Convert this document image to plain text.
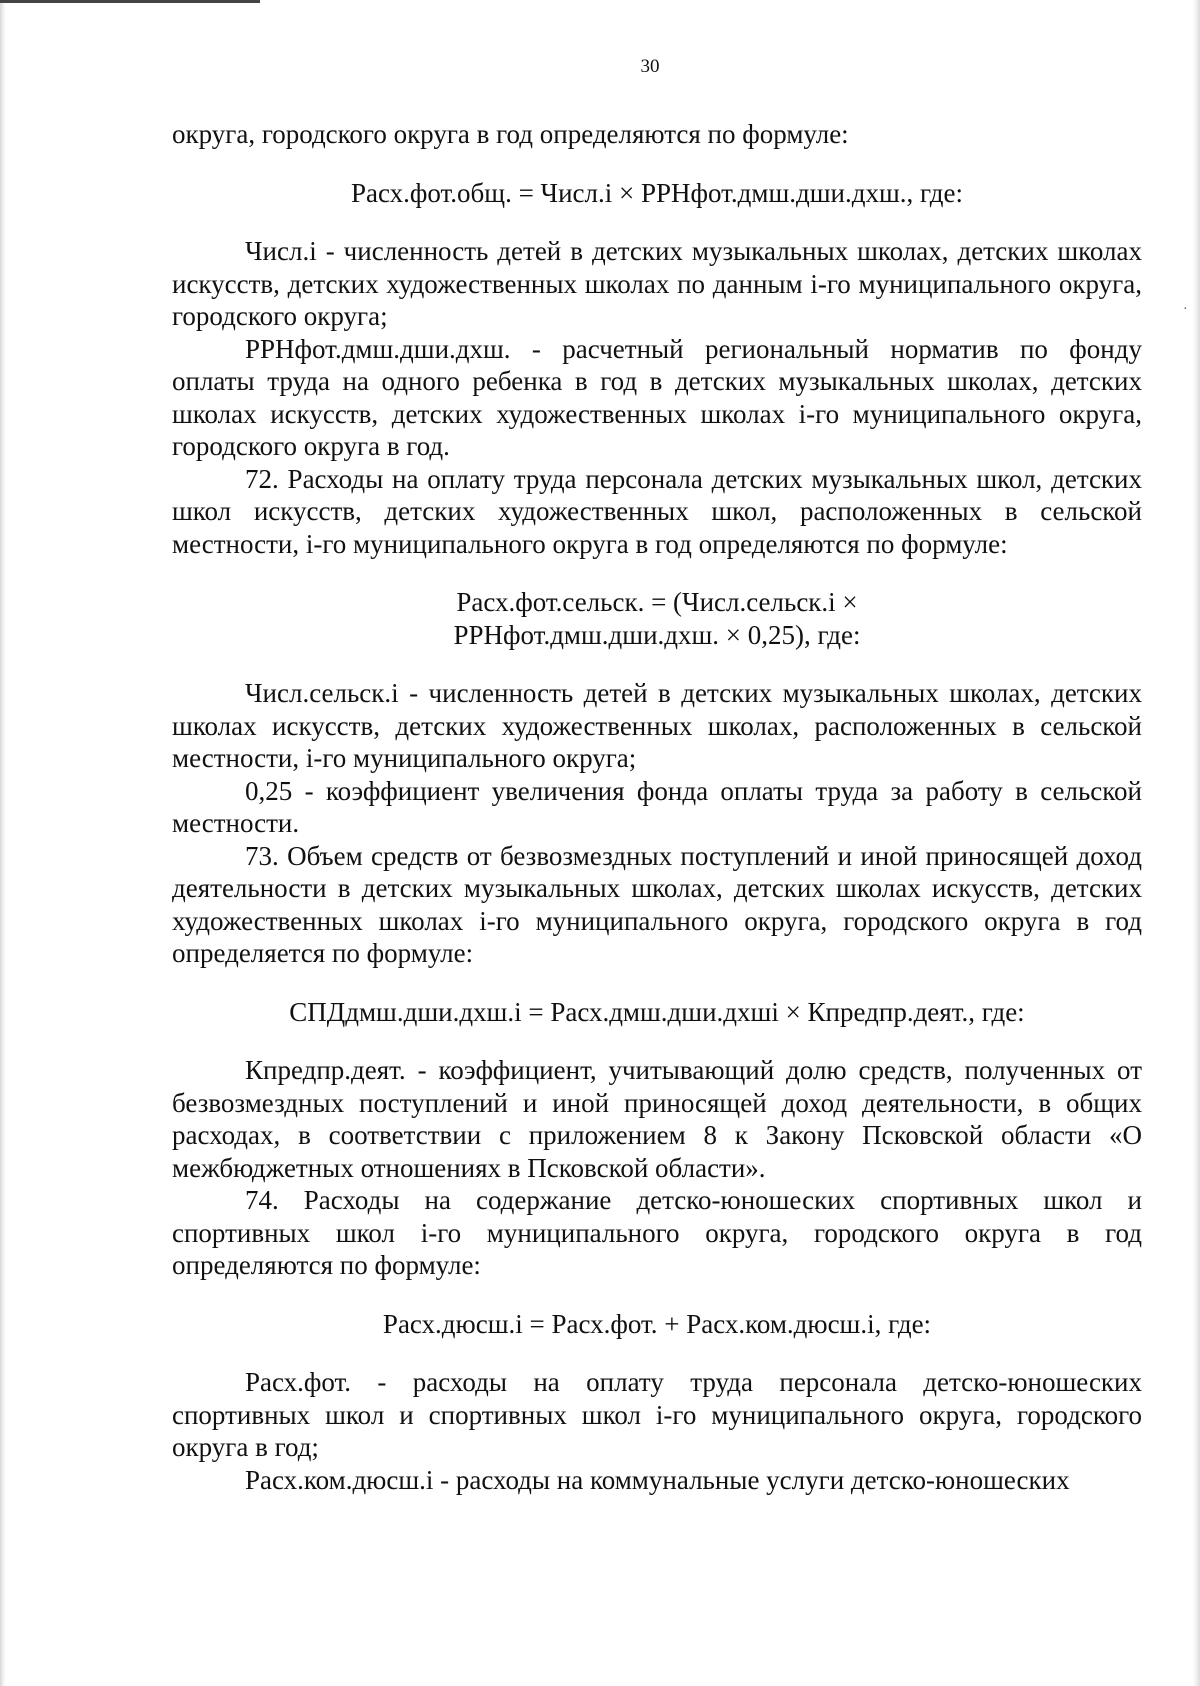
30

округа, городского округа в год определяются по формуле:

Расх.фот.общ. = Числ.i × РРНфот.дмш.дши.дхш., где:

Числ.i - численность детей в детских музыкальных школах, детских школах искусств, детских художественных школах по данным i-го муниципального округа, городского округа;

РРНфот.дмш.дши.дхш. - расчетный региональный норматив по фонду оплаты труда на одного ребенка в год в детских музыкальных школах, детских школах искусств, детских художественных школах i-го муниципального округа, городского округа в год.

72. Расходы на оплату труда персонала детских музыкальных школ, детских школ искусств, детских художественных школ, расположенных в сельской местности, i-го муниципального округа в год определяются по формуле:

Расх.фот.сельск. = (Числ.сельск.i ×
РРНфот.дмш.дши.дхш. × 0,25), где:

Числ.сельск.i - численность детей в детских музыкальных школах, детских школах искусств, детских художественных школах, расположенных в сельской местности, i-го муниципального округа;

0,25 - коэффициент увеличения фонда оплаты труда за работу в сельской местности.

73. Объем средств от безвозмездных поступлений и иной приносящей доход деятельности в детских музыкальных школах, детских школах искусств, детских художественных школах i-го муниципального округа, городского округа в год определяется по формуле:

СПДдмш.дши.дхш.i = Расх.дмш.дши.дхшi × Кпредпр.деят., где:

Кпредпр.деят. - коэффициент, учитывающий долю средств, полученных от безвозмездных поступлений и иной приносящей доход деятельности, в общих расходах, в соответствии с приложением 8 к Закону Псковской области «О межбюджетных отношениях в Псковской области».

74. Расходы на содержание детско-юношеских спортивных школ и спортивных школ i-го муниципального округа, городского округа в год определяются по формуле:

Расх.дюсш.i = Расх.фот. + Расх.ком.дюсш.i, где:

Расх.фот. - расходы на оплату труда персонала детско-юношеских спортивных школ и спортивных школ i-го муниципального округа, городского округа в год;

Расх.ком.дюсш.i - расходы на коммунальные услуги детско-юношеских

·
